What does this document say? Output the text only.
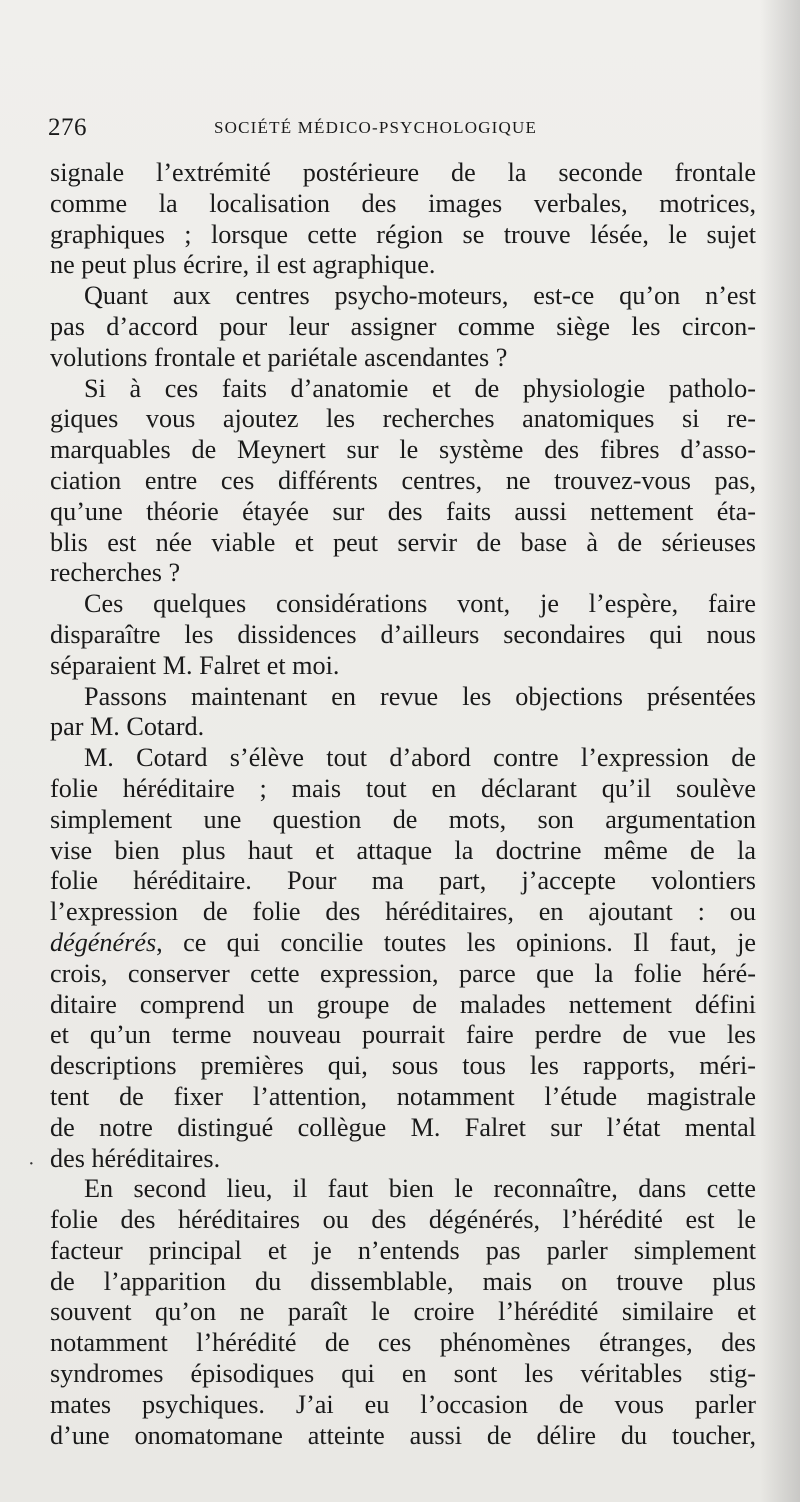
276	SOCIÉTÉ MÉDICO-PSYCHOLOGIQUE
·
signale l’extrémité postérieure de la seconde frontale
comme la localisation des images verbales, motrices,
graphiques ; lorsque cette région se trouve lésée, le sujet
ne peut plus écrire, il est agraphique.
Quant aux centres psycho-moteurs, est-ce qu’on n’est
pas d’accord pour leur assigner comme siège les circon-
volutions frontale et pariétale ascendantes ?
Si à ces faits d’anatomie et de physiologie patholo-
giques vous ajoutez les recherches anatomiques si re-
marquables de Meynert sur le système des fibres d’asso-
ciation entre ces différents centres, ne trouvez-vous pas,
qu’une théorie étayée sur des faits aussi nettement éta-
blis est née viable et peut servir de base à de sérieuses
recherches ?
Ces quelques considérations vont, je l’espère, faire
disparaître les dissidences d’ailleurs secondaires qui nous
séparaient M. Falret et moi.
Passons maintenant en revue les objections présentées
par M. Cotard.
M. Cotard s’élève tout d’abord contre l’expression de
folie héréditaire ; mais tout en déclarant qu’il soulève
simplement une question de mots, son argumentation
vise bien plus haut et attaque la doctrine même de la
folie héréditaire. Pour ma part, j’accepte volontiers
l’expression de folie des héréditaires, en ajoutant : ou
dégénérés, ce qui concilie toutes les opinions. Il faut, je
crois, conserver cette expression, parce que la folie héré-
ditaire comprend un groupe de malades nettement défini
et qu’un terme nouveau pourrait faire perdre de vue les
descriptions premières qui, sous tous les rapports, méri-
tent de fixer l’attention, notamment l’étude magistrale
de notre distingué collègue M. Falret sur l’état mental
des héréditaires.
En second lieu, il faut bien le reconnaître, dans cette
folie des héréditaires ou des dégénérés, l’hérédité est le
facteur principal et je n’entends pas parler simplement
de l’apparition du dissemblable, mais on trouve plus
souvent qu’on ne paraît le croire l’hérédité similaire et
notamment l’hérédité de ces phénomènes étranges, des
syndromes épisodiques qui en sont les véritables stig-
mates psychiques. J’ai eu l’occasion de vous parler
d’une onomatomane atteinte aussi de délire du toucher,
